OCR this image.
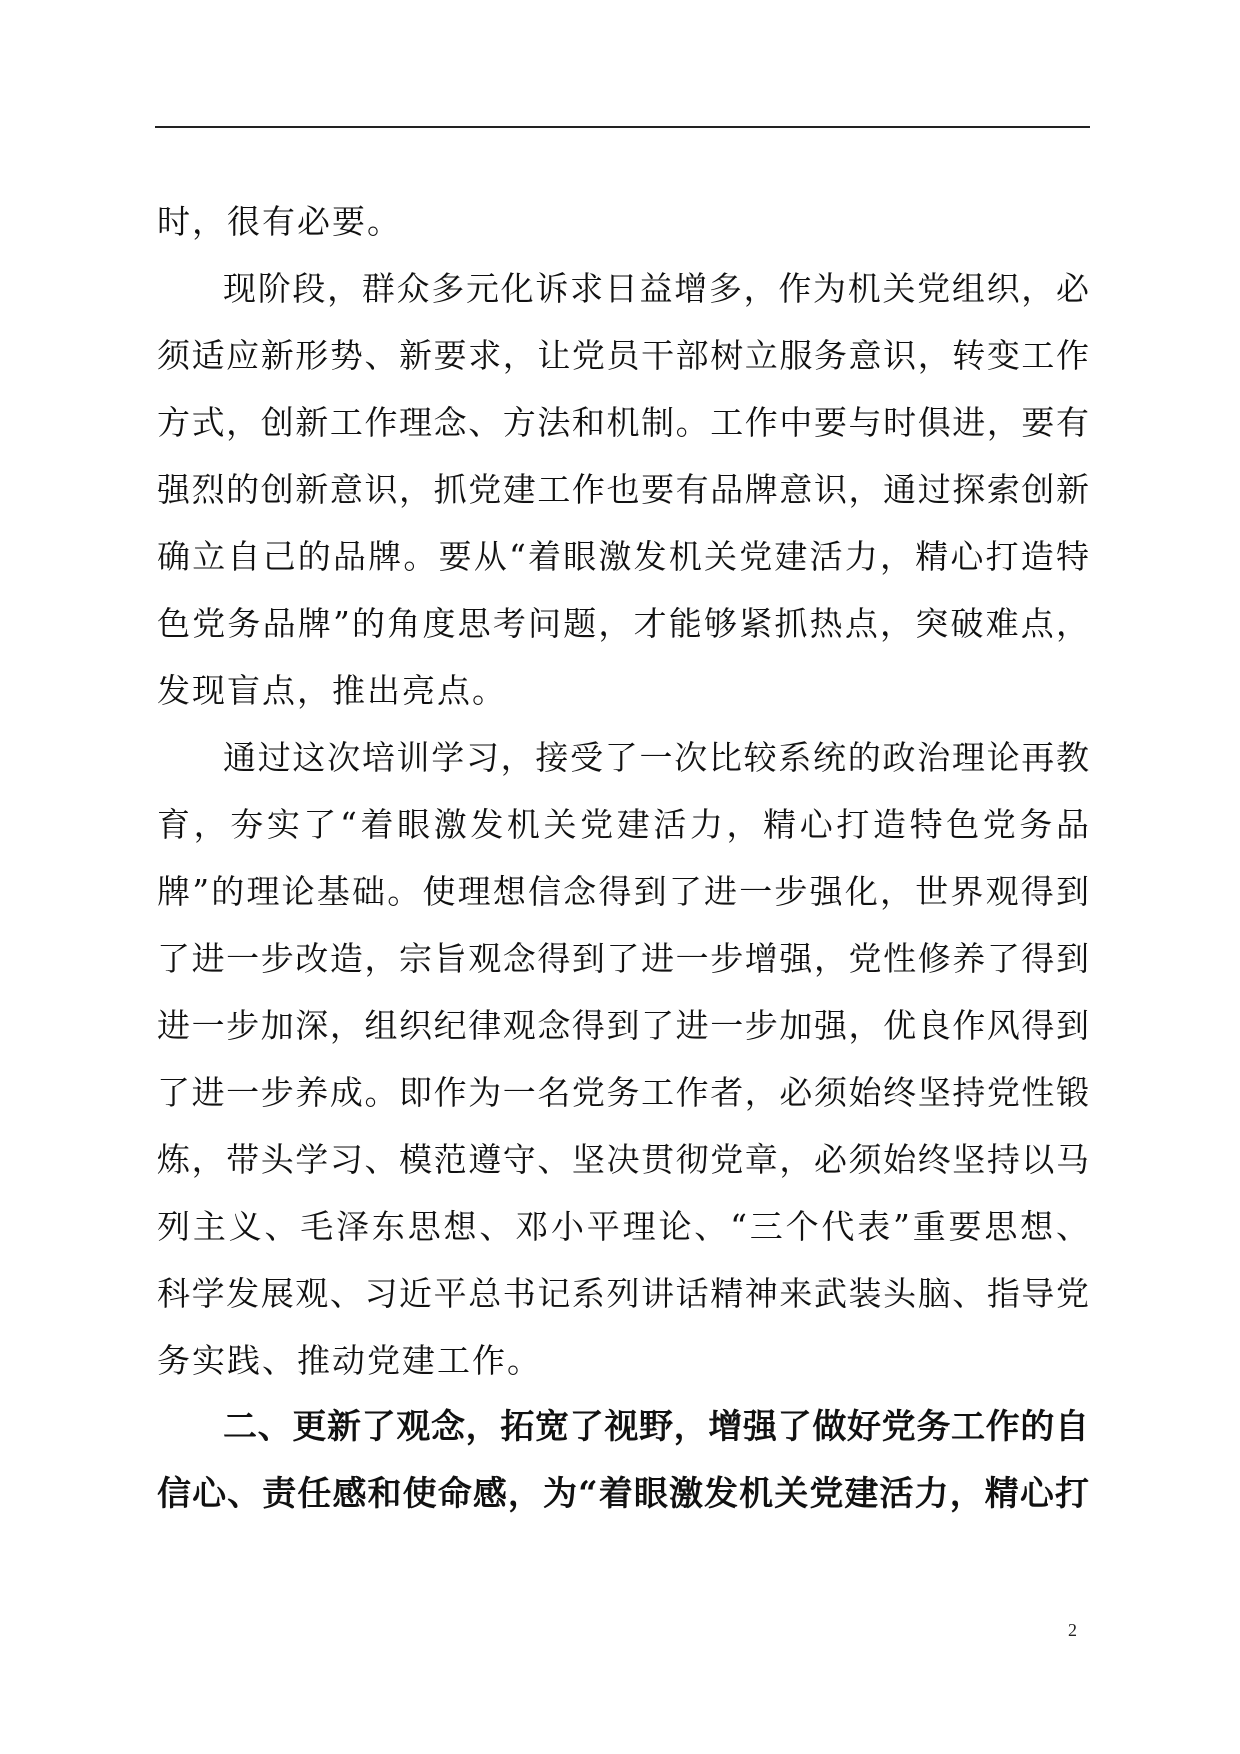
时，很有必要。
现阶段，群众多元化诉求日益增多，作为机关党组织，必
须适应新形势、新要求，让党员干部树立服务意识，转变工作
方式，创新工作理念、方法和机制。工作中要与时俱进，要有
强烈的创新意识，抓党建工作也要有品牌意识，通过探索创新
确立自己的品牌。要从“着眼激发机关党建活力，精心打造特
色党务品牌”的角度思考问题，才能够紧抓热点，突破难点，
发现盲点，推出亮点。
通过这次培训学习，接受了一次比较系统的政治理论再教
育，夯实了“着眼激发机关党建活力，精心打造特色党务品
牌”的理论基础。使理想信念得到了进一步强化，世界观得到
了进一步改造，宗旨观念得到了进一步增强，党性修养了得到
进一步加深，组织纪律观念得到了进一步加强，优良作风得到
了进一步养成。即作为一名党务工作者，必须始终坚持党性锻
炼，带头学习、模范遵守、坚决贯彻党章，必须始终坚持以马
列主义、毛泽东思想、邓小平理论、“三个代表”重要思想、
科学发展观、习近平总书记系列讲话精神来武装头脑、指导党
务实践、推动党建工作。
二、更新了观念，拓宽了视野，增强了做好党务工作的自
信心、责任感和使命感，为“着眼激发机关党建活力，精心打
2
